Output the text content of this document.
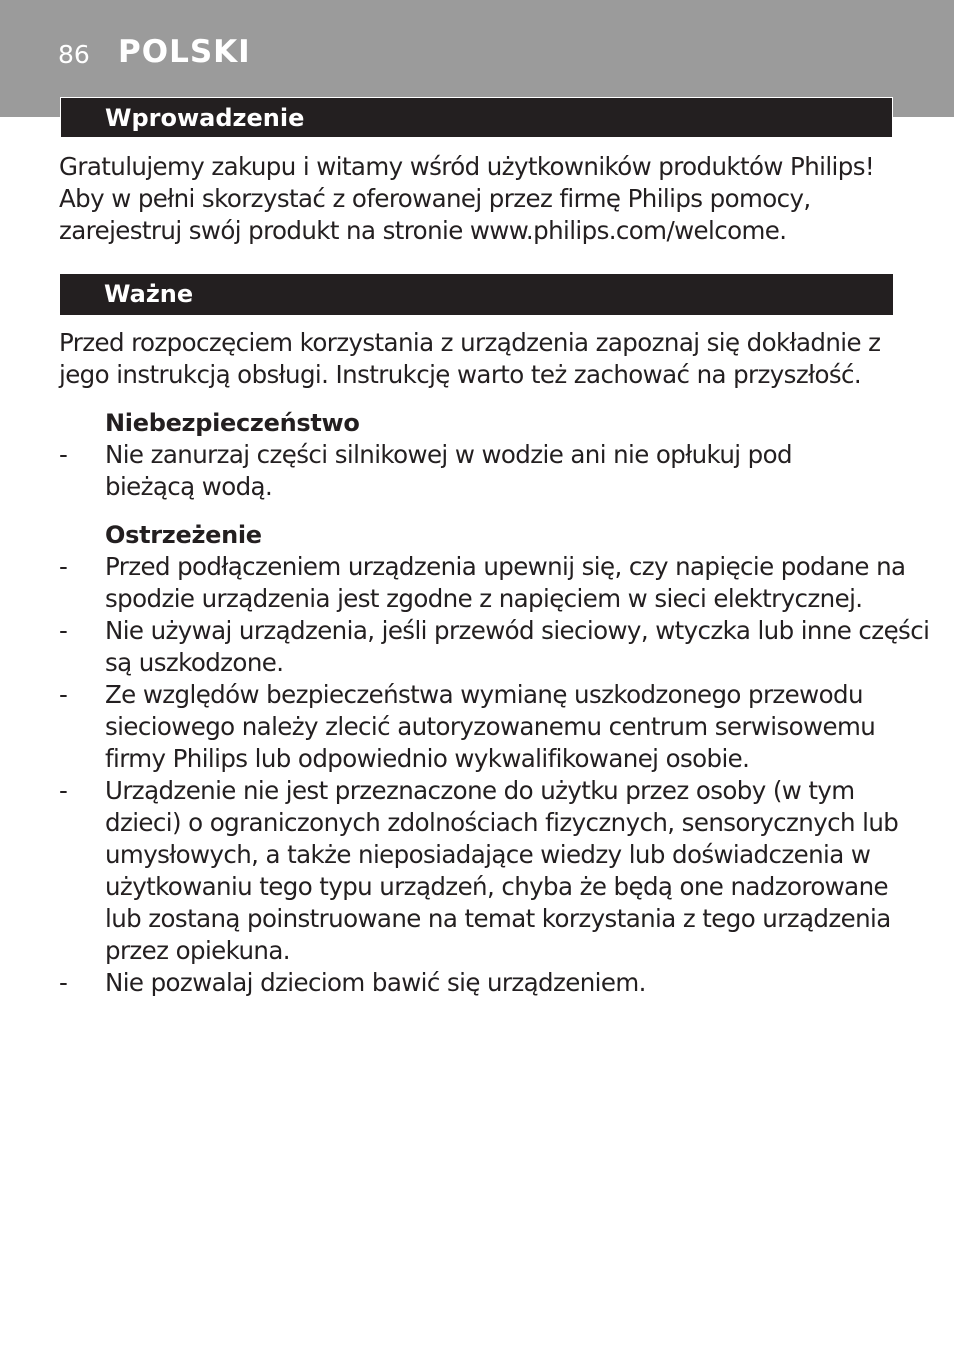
86 POLSKI
Wprowadzenie

Gratulujemy zakupu i witamy wśród użytkowników produktów Philips!
Aby w pełni skorzystać z oferowanej przez firmę Philips pomocy,
zarejestruj swój produkt na stronie www.philips.com/welcome.

Ważne

Przed rozpoczęciem korzystania z urządzenia zapoznaj się dokładnie z
jego instrukcją obsługi. Instrukcję warto też zachować na przyszłość.

Niebezpieczeństwo
- Nie zanurzaj części silnikowej w wodzie ani nie opłukuj pod
bieżącą wodą.
Ostrzeżenie
- Przed podłączeniem urządzenia upewnij się, czy napięcie podane na
spodzie urządzenia jest zgodne z napięciem w sieci elektrycznej.
- Nie używaj urządzenia, jeśli przewód sieciowy, wtyczka lub inne części
są uszkodzone.
- Ze względów bezpieczeństwa wymianę uszkodzonego przewodu
sieciowego należy zlecić autoryzowanemu centrum serwisowemu
firmy Philips lub odpowiednio wykwalifikowanej osobie.
- Urządzenie nie jest przeznaczone do użytku przez osoby (w tym
dzieci) o ograniczonych zdolnościach fizycznych, sensorycznych lub
umysłowych, a także nieposiadające wiedzy lub doświadczenia w
użytkowaniu tego typu urządzeń, chyba że będą one nadzorowane
lub zostaną poinstruowane na temat korzystania z tego urządzenia
przez opiekuna.
- Nie pozwalaj dzieciom bawić się urządzeniem.
